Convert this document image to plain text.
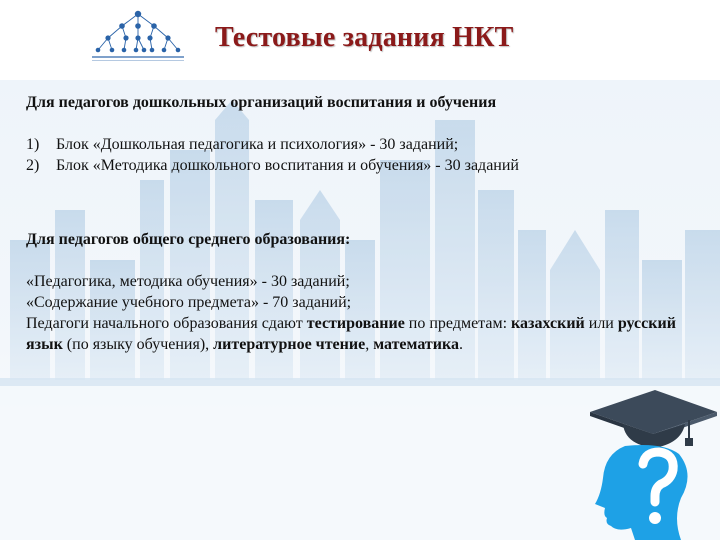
Тестовые задания НКТ

Для педагогов дошкольных организаций воспитания и обучения

1) Блок «Дошкольная педагогика и психология» - 30 заданий;
2) Блок «Методика дошкольного воспитания и обучения» - 30 заданий

Для педагогов общего среднего образования:

«Педагогика, методика обучения» - 30 заданий;

«Содержание учебного предмета» - 70 заданий;

Педагоги начального образования сдают тестирование по предметам: казахский или русский язык (по языку обучения), литературное чтение, математика.
